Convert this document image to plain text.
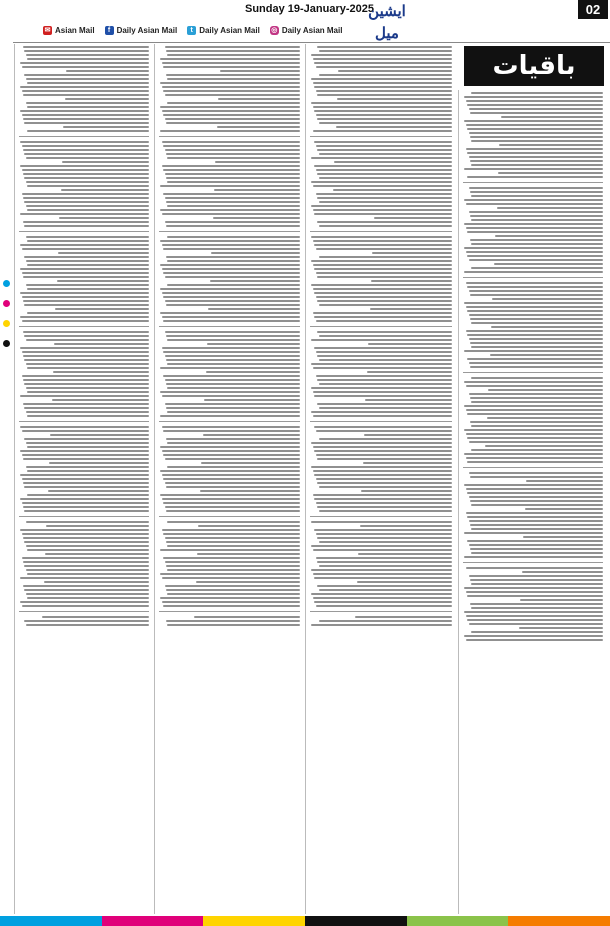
Sunday 19-January-2025
ایشین میل
02
✉ Asian Mail	f Daily Asian Mail	t Daily Asian Mail ◎ Daily Asian Mail
باقیات
